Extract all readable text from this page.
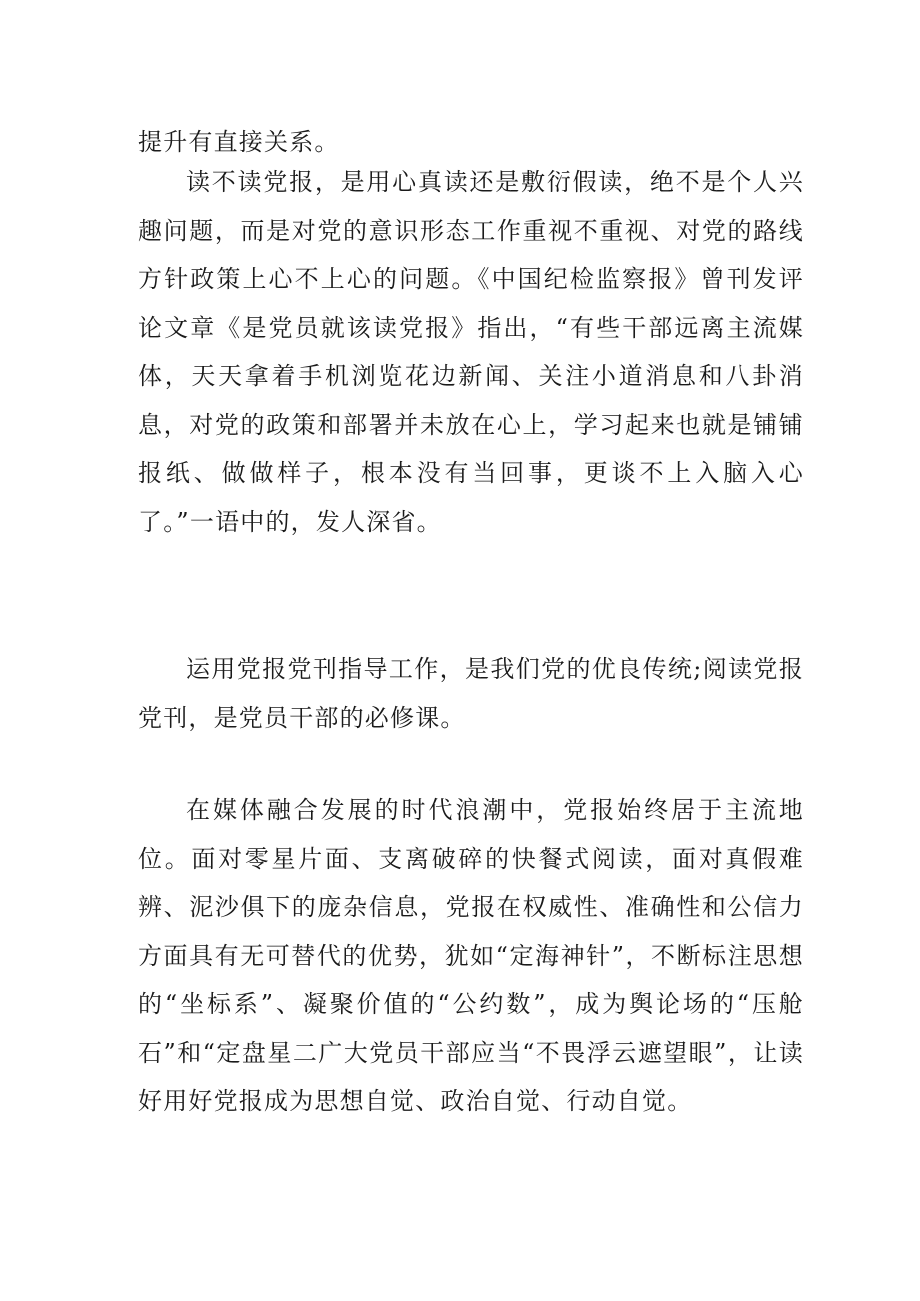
提升有直接关系。

读不读党报，是用心真读还是敷衍假读，绝不是个人兴趣问题，而是对党的意识形态工作重视不重视、对党的路线方针政策上心不上心的问题。《中国纪检监察报》曾刊发评论文章《是党员就该读党报》指出，“有些干部远离主流媒体，天天拿着手机浏览花边新闻、关注小道消息和八卦消息，对党的政策和部署并未放在心上，学习起来也就是铺铺报纸、做做样子，根本没有当回事，更谈不上入脑入心了。”一语中的，发人深省。

运用党报党刊指导工作，是我们党的优良传统;阅读党报党刊，是党员干部的必修课。

在媒体融合发展的时代浪潮中，党报始终居于主流地位。面对零星片面、支离破碎的快餐式阅读，面对真假难辨、泥沙俱下的庞杂信息，党报在权威性、准确性和公信力方面具有无可替代的优势，犹如“定海神针”，不断标注思想的“坐标系”、凝聚价值的“公约数”，成为舆论场的“压舱石”和“定盘星二广大党员干部应当“不畏浮云遮望眼”，让读好用好党报成为思想自觉、政治自觉、行动自觉。
